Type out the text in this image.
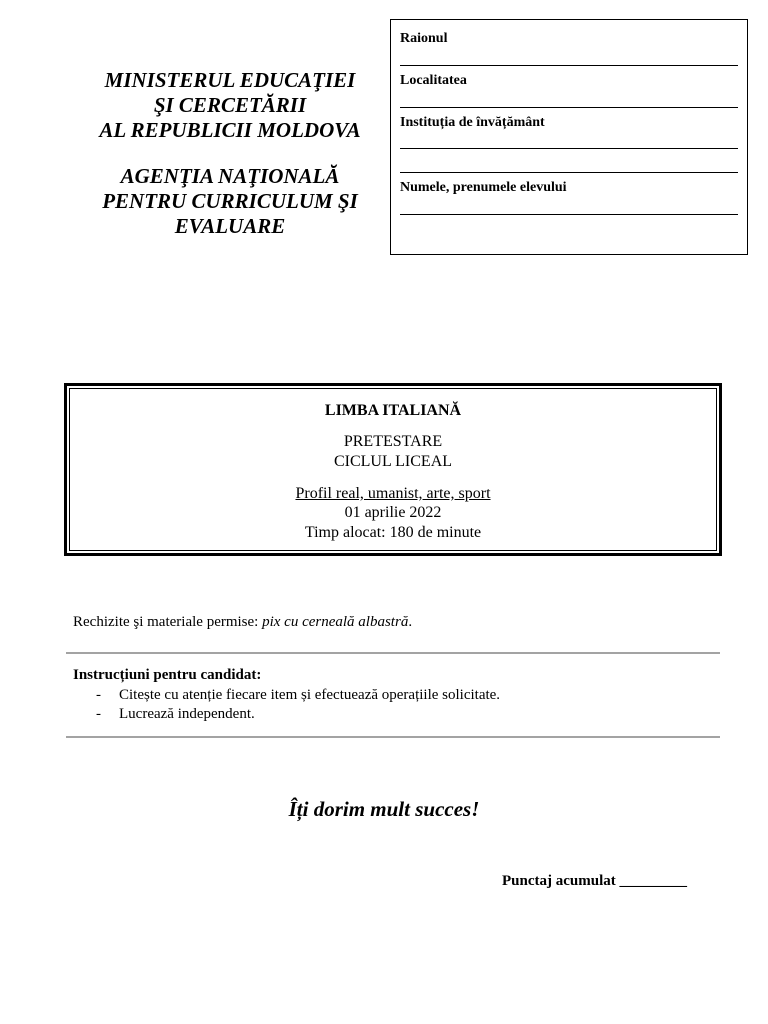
MINISTERUL EDUCAŢIEI
ŞI CERCETĂRII
AL REPUBLICII MOLDOVA
AGENŢIA NAŢIONALĂ
PENTRU CURRICULUM ŞI
EVALUARE
Raionul
Localitatea
Instituția de învățământ
Numele, prenumele elevului
LIMBA ITALIANĂ
PRETESTARE
CICLUL LICEAL
Profil real, umanist, arte, sport
01 aprilie 2022
Timp alocat: 180 de minute
Rechizite şi materiale permise: pix cu cerneală albastră.
Instrucțiuni pentru candidat:
- Citește cu atenție fiecare item și efectuează operațiile solicitate.
- Lucrează independent.
Îți dorim mult succes!
Punctaj acumulat _________
